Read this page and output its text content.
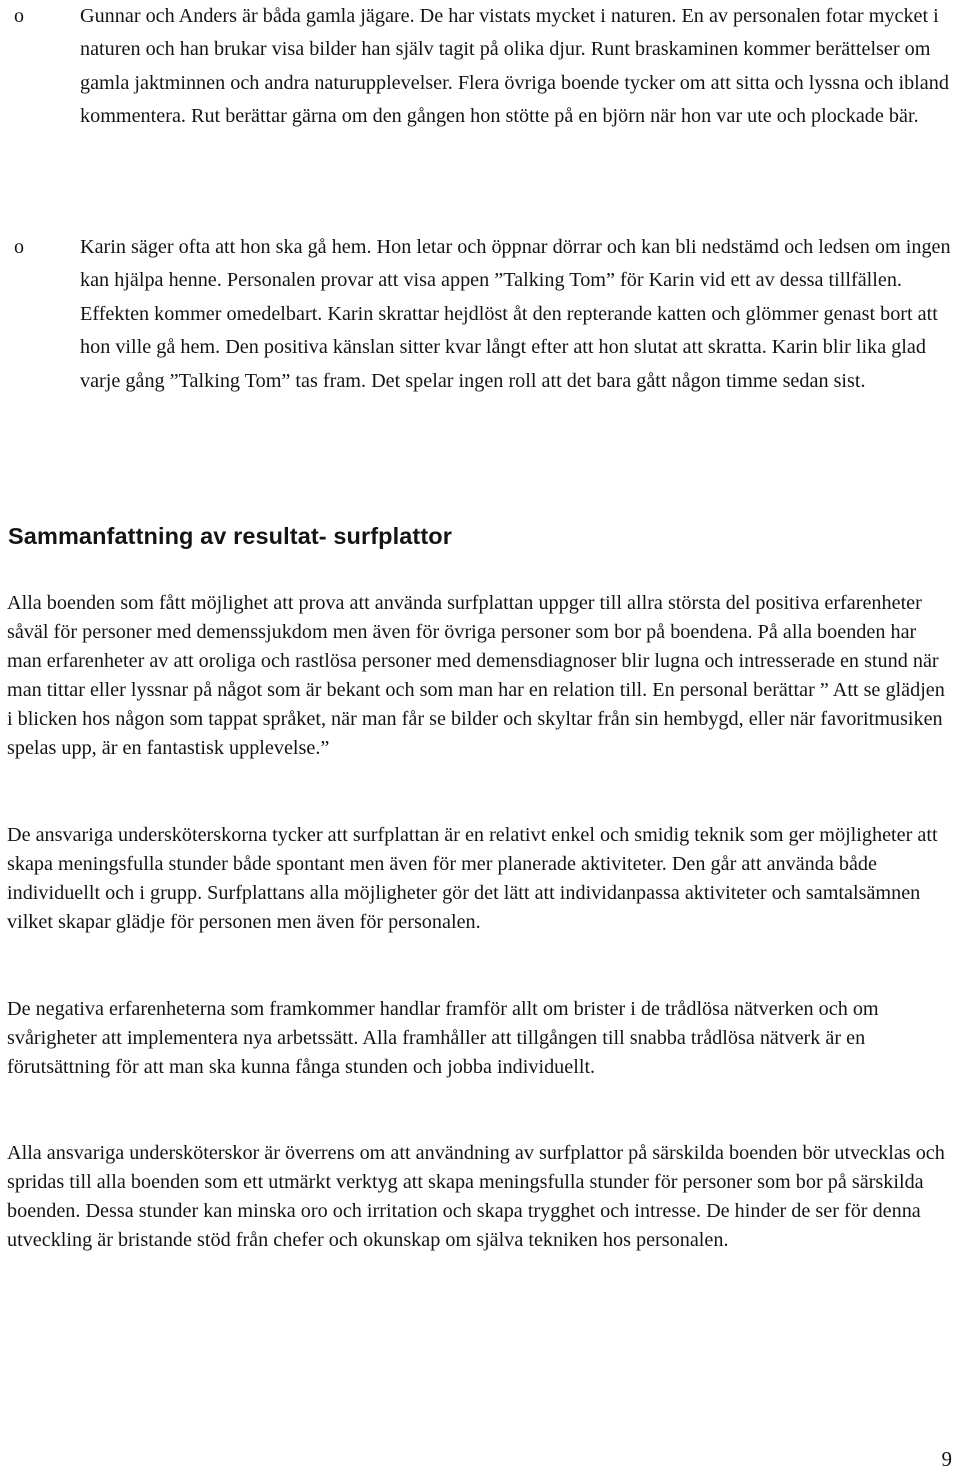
o	Gunnar och Anders är båda gamla jägare. De har vistats mycket i naturen. En av personalen fotar mycket i naturen och han brukar visa bilder han själv tagit på olika djur. Runt braskaminen kommer berättelser om gamla jaktminnen och andra naturupplevelser. Flera övriga boende tycker om att sitta och lyssna och ibland kommentera. Rut berättar gärna om den gången hon stötte på en björn när hon var ute och plockade bär.

o	Karin säger ofta att hon ska gå hem. Hon letar och öppnar dörrar och kan bli nedstämd och ledsen om ingen kan hjälpa henne. Personalen provar att visa appen ”Talking Tom” för Karin vid ett av dessa tillfällen. Effekten kommer omedelbart. Karin skrattar hejdlöst åt den repterande katten och glömmer genast bort att hon ville gå hem. Den positiva känslan sitter kvar långt efter att hon slutat att skratta. Karin blir lika glad varje gång ”Talking Tom” tas fram. Det spelar ingen roll att det bara gått någon timme sedan sist.

Sammanfattning av resultat- surfplattor

Alla boenden som fått möjlighet att prova att använda surfplattan uppger till allra största del positiva erfarenheter såväl för personer med demenssjukdom men även för övriga personer som bor på boendena. På alla boenden har man erfarenheter av att oroliga och rastlösa personer med demensdiagnoser blir lugna och intresserade en stund när man tittar eller lyssnar på något som är bekant och som man har en relation till. En personal berättar ” Att se glädjen i blicken hos någon som tappat språket, när man får se bilder och skyltar från sin hembygd, eller när favoritmusiken spelas upp, är en fantastisk upplevelse.”

De ansvariga undersköterskorna tycker att surfplattan är en relativt enkel och smidig teknik som ger möjligheter att skapa meningsfulla stunder både spontant men även för mer planerade aktiviteter. Den går att använda både individuellt och i grupp. Surfplattans alla möjligheter gör det lätt att individanpassa aktiviteter och samtalsämnen vilket skapar glädje för personen men även för personalen.

De negativa erfarenheterna som framkommer handlar framför allt om brister i de trådlösa nätverken och om svårigheter att implementera nya arbetssätt. Alla framhåller att tillgången till snabba trådlösa nätverk är en förutsättning för att man ska kunna fånga stunden och jobba individuellt.

Alla ansvariga undersköterskor är överrens om att användning av surfplattor på särskilda boenden bör utvecklas och spridas till alla boenden som ett utmärkt verktyg att skapa meningsfulla stunder för personer som bor på särskilda boenden. Dessa stunder kan minska oro och irritation och skapa trygghet och intresse. De hinder de ser för denna utveckling är bristande stöd från chefer och okunskap om själva tekniken hos personalen.

9
